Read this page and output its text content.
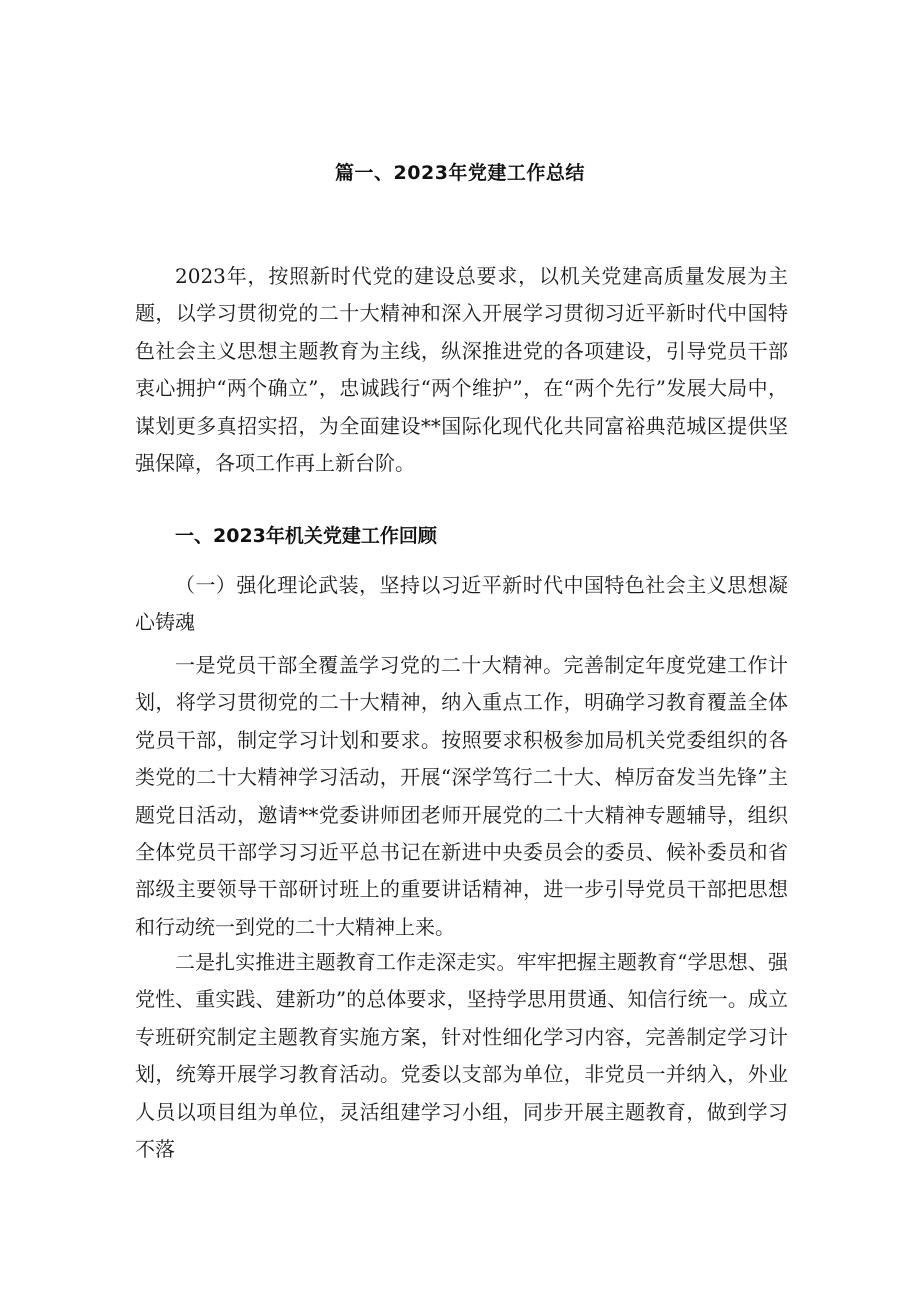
篇一、2023年党建工作总结

2023年，按照新时代党的建设总要求，以机关党建高质量发展为主题，以学习贯彻党的二十大精神和深入开展学习贯彻习近平新时代中国特色社会主义思想主题教育为主线，纵深推进党的各项建设，引导党员干部衷心拥护“两个确立”，忠诚践行“两个维护”，在“两个先行”发展大局中，谋划更多真招实招，为全面建设**国际化现代化共同富裕典范城区提供坚强保障，各项工作再上新台阶。

一、2023年机关党建工作回顾

（一）强化理论武装，坚持以习近平新时代中国特色社会主义思想凝心铸魂

一是党员干部全覆盖学习党的二十大精神。完善制定年度党建工作计划，将学习贯彻党的二十大精神，纳入重点工作，明确学习教育覆盖全体党员干部，制定学习计划和要求。按照要求积极参加局机关党委组织的各类党的二十大精神学习活动，开展“深学笃行二十大、棹厉奋发当先锋”主题党日活动，邀请**党委讲师团老师开展党的二十大精神专题辅导，组织全体党员干部学习习近平总书记在新进中央委员会的委员、候补委员和省部级主要领导干部研讨班上的重要讲话精神，进一步引导党员干部把思想和行动统一到党的二十大精神上来。

二是扎实推进主题教育工作走深走实。牢牢把握主题教育“学思想、强党性、重实践、建新功”的总体要求，坚持学思用贯通、知信行统一。成立专班研究制定主题教育实施方案，针对性细化学习内容，完善制定学习计划，统筹开展学习教育活动。党委以支部为单位，非党员一并纳入，外业人员以项目组为单位，灵活组建学习小组，同步开展主题教育，做到学习不落
